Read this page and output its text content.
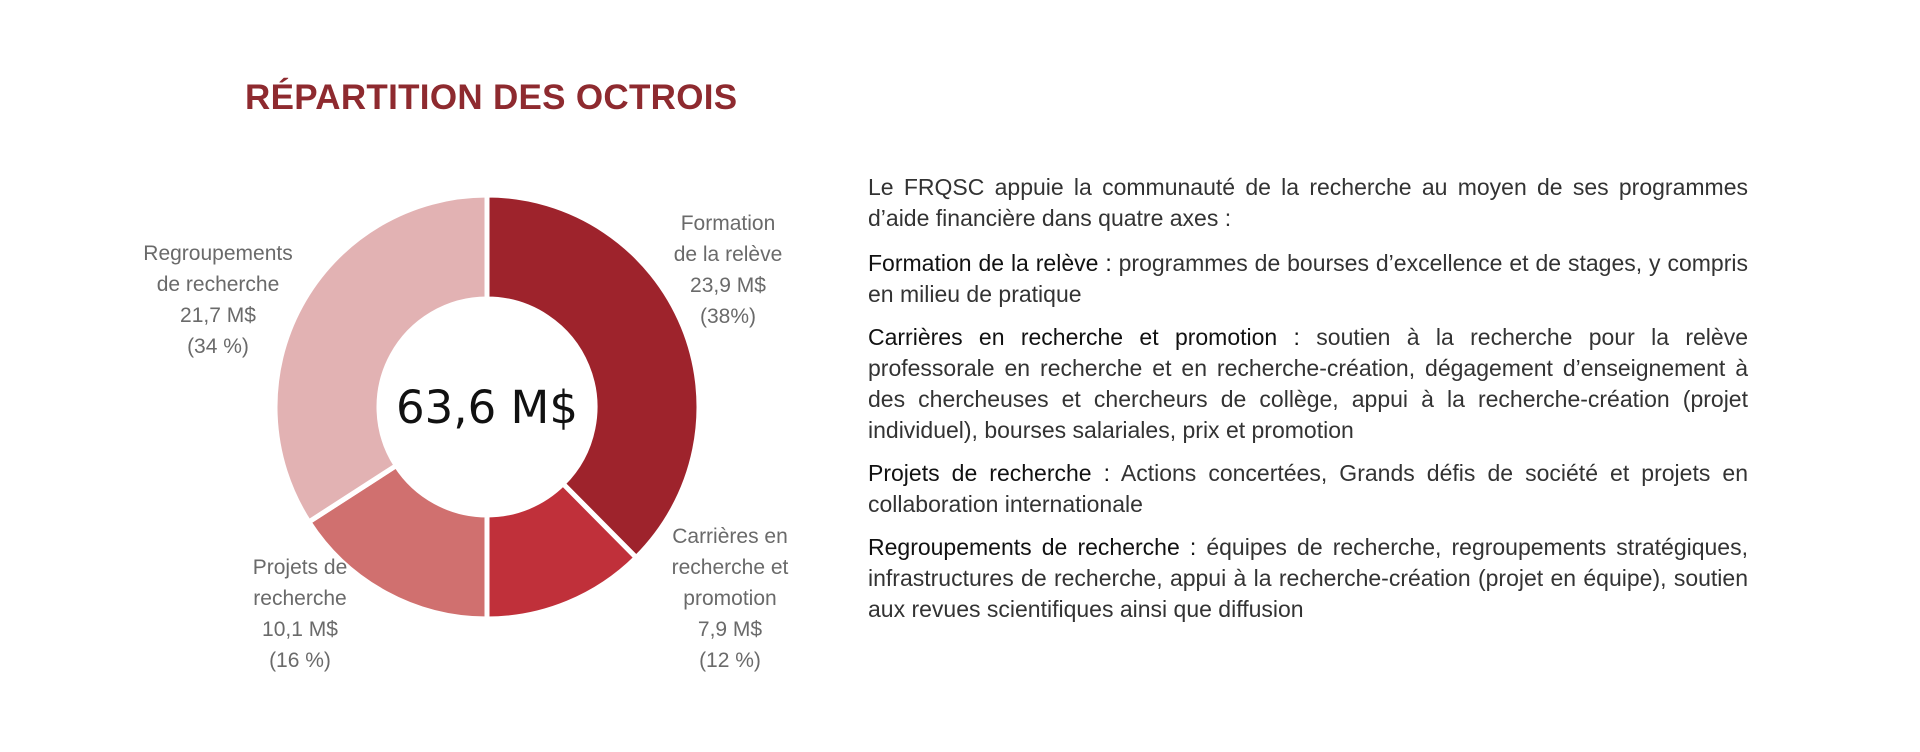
RÉPARTITION DES OCTROIS
Formation de la relève 23,9 M$ (38%)
Carrières en recherche et promotion 7,9 M$ (12 %)
Projets de recherche 10,1 M$ (16 %)
Regroupements de recherche 21,7 M$ (34 %)
63,6 M$

Le FRQSC appuie la communauté de la recherche au moyen de ses programmes d’aide financière dans quatre axes :

Formation de la relève : programmes de bourses d’excellence et de stages, y compris en milieu de pratique

Carrières en recherche et promotion : soutien à la recherche pour la relève professorale en recherche et en recherche-création, dégagement d’enseignement à des chercheuses et chercheurs de collège, appui à la recherche-création (projet individuel), bourses salariales, prix et promotion

Projets de recherche : Actions concertées, Grands défis de société et projets en collaboration internationale

Regroupements de recherche : équipes de recherche, regroupements stratégiques, infrastructures de recherche, appui à la recherche-création (projet en équipe), soutien aux revues scientifiques ainsi que diffusion
